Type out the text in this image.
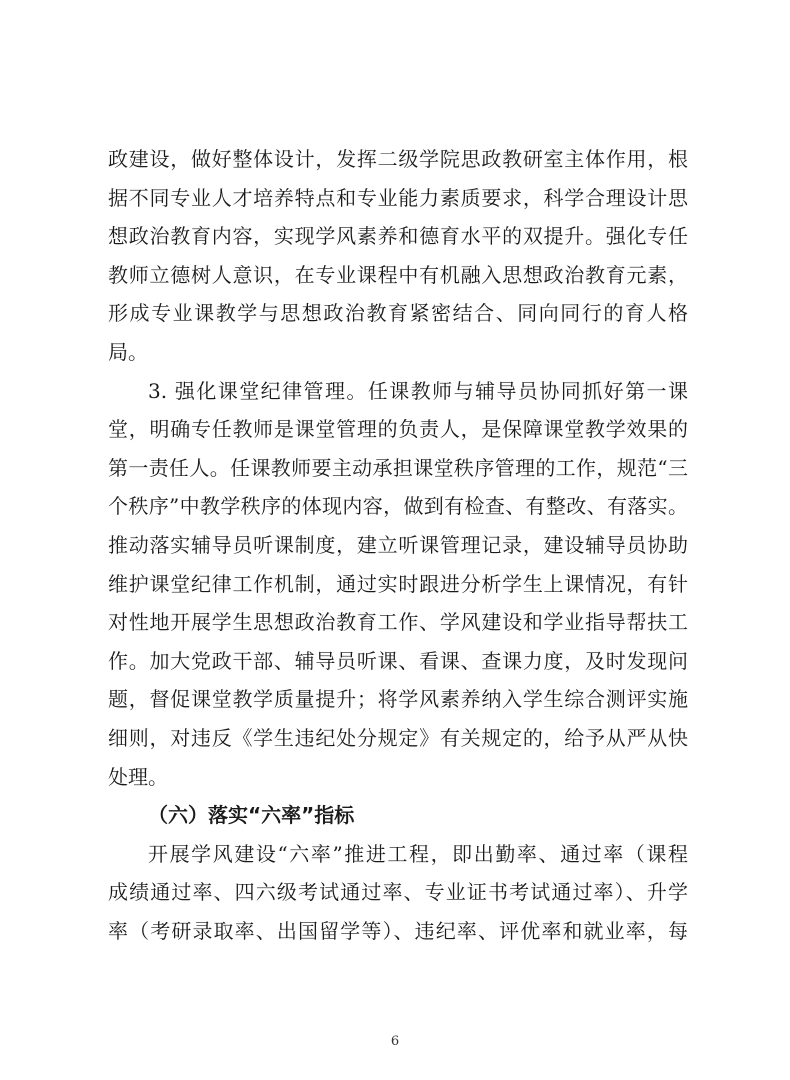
政建设，做好整体设计，发挥二级学院思政教研室主体作用，根
据不同专业人才培养特点和专业能力素质要求，科学合理设计思
想政治教育内容，实现学风素养和德育水平的双提升。强化专任
教师立德树人意识，在专业课程中有机融入思想政治教育元素，
形成专业课教学与思想政治教育紧密结合、同向同行的育人格
局。
3. 强化课堂纪律管理。任课教师与辅导员协同抓好第一课
堂，明确专任教师是课堂管理的负责人，是保障课堂教学效果的
第一责任人。任课教师要主动承担课堂秩序管理的工作，规范“三
个秩序”中教学秩序的体现内容，做到有检查、有整改、有落实。
推动落实辅导员听课制度，建立听课管理记录，建设辅导员协助
维护课堂纪律工作机制，通过实时跟进分析学生上课情况，有针
对性地开展学生思想政治教育工作、学风建设和学业指导帮扶工
作。加大党政干部、辅导员听课、看课、查课力度，及时发现问
题，督促课堂教学质量提升；将学风素养纳入学生综合测评实施
细则，对违反《学生违纪处分规定》有关规定的，给予从严从快
处理。
（六）落实“六率”指标
开展学风建设“六率”推进工程，即出勤率、通过率（课程
成绩通过率、四六级考试通过率、专业证书考试通过率）、升学
率（考研录取率、出国留学等）、违纪率、评优率和就业率，每
6
